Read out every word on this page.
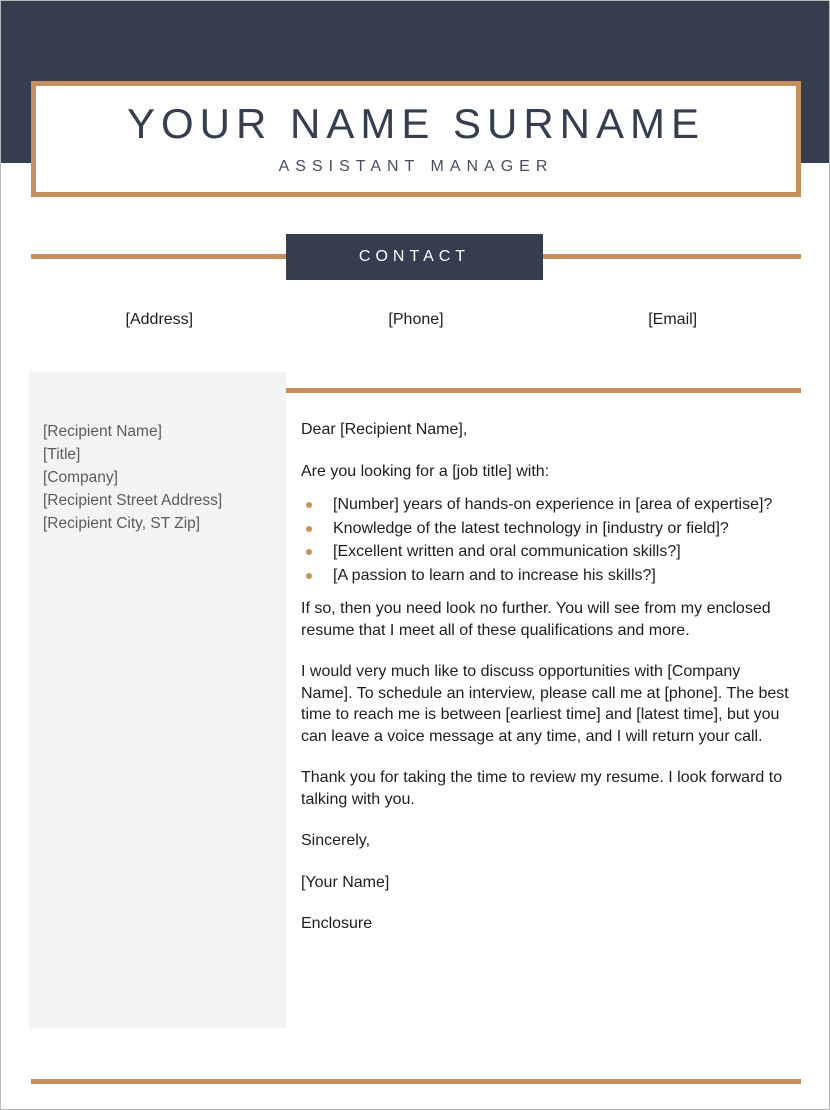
YOUR NAME SURNAME
ASSISTANT MANAGER
CONTACT
[Address]	[Phone]	[Email]
[Recipient Name]
[Title]
[Company]
[Recipient Street Address]
[Recipient City, ST Zip]

Dear [Recipient Name],

Are you looking for a [job title] with:

[Number] years of hands-on experience in [area of expertise]?
Knowledge of the latest technology in [industry or field]?
[Excellent written and oral communication skills?]
[A passion to learn and to increase his skills?]

If so, then you need look no further. You will see from my enclosed resume that I meet all of these qualifications and more.

I would very much like to discuss opportunities with [Company Name]. To schedule an interview, please call me at [phone]. The best time to reach me is between [earliest time] and [latest time], but you can leave a voice message at any time, and I will return your call.

Thank you for taking the time to review my resume. I look forward to talking with you.

Sincerely,

[Your Name]

Enclosure
